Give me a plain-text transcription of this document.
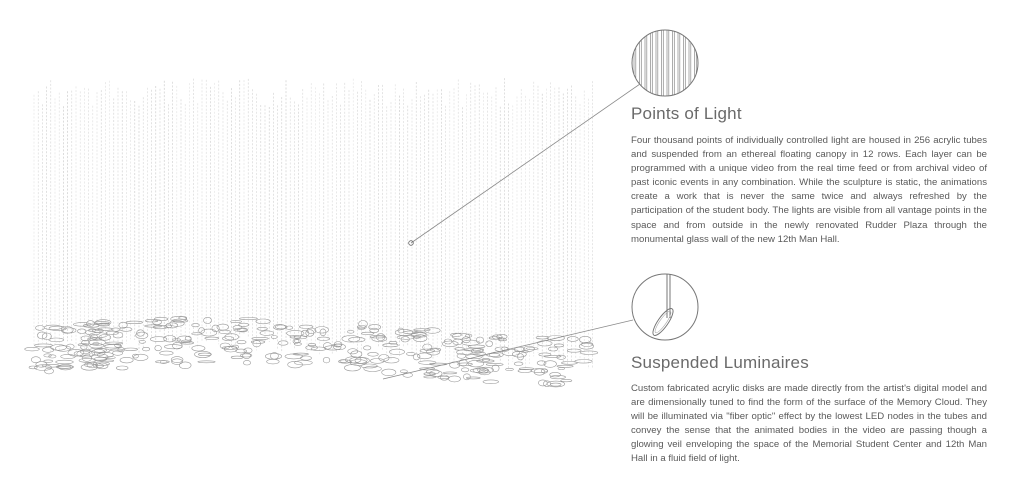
Points of Light

Four thousand points of individually controlled light are housed in 256 acrylic tubes and suspended from an ethereal floating canopy in 12 rows. Each layer can be programmed with a unique video from the real time feed or from archival video of past iconic events in any combination. While the sculpture is static, the animations create a work that is never the same twice and always refreshed by the participation of the student body. The lights are visible from all vantage points in the space and from outside in the newly renovated Rudder Plaza through the monumental glass wall of the new 12th Man Hall.

Suspended Luminaires

Custom fabricated acrylic disks are made directly from the artist's digital model and are dimensionally tuned to find the form of the surface of the Memory Cloud. They will be illuminated via "fiber optic" effect by the lowest LED nodes in the tubes and convey the sense that the animated bodies in the video are passing though a glowing veil enveloping the space of the Memorial Student Center and 12th Man Hall in a fluid field of light.
